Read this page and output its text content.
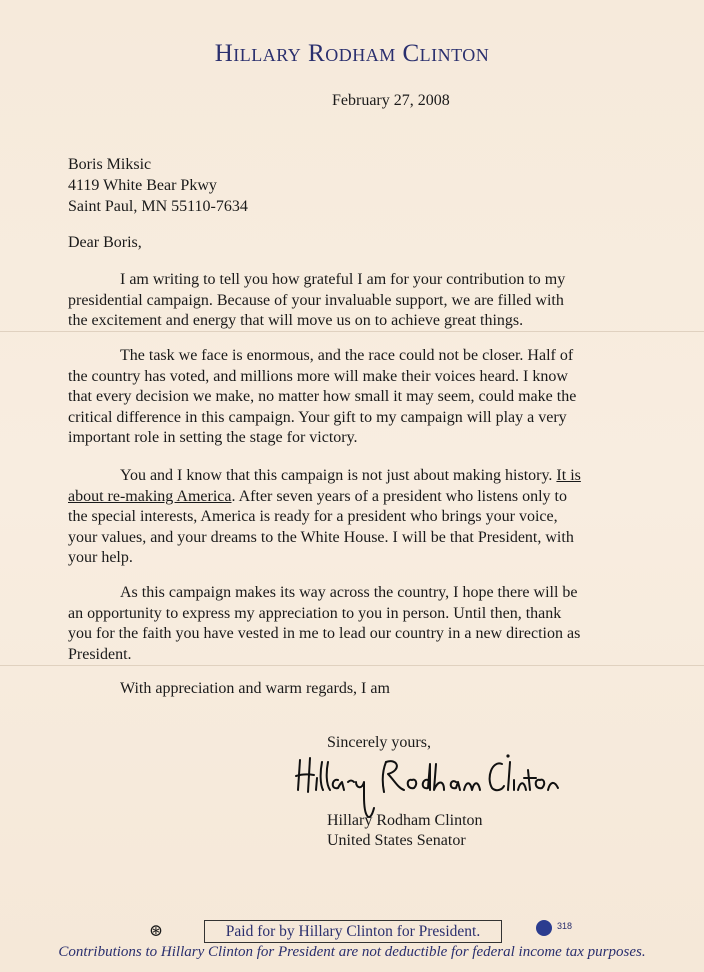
Hillary Rodham Clinton
February 27, 2008
Boris Miksic
4119 White Bear Pkwy
Saint Paul, MN 55110-7634
Dear Boris,
I am writing to tell you how grateful I am for your contribution to my
presidential campaign. Because of your invaluable support, we are filled with
the excitement and energy that will move us on to achieve great things.
The task we face is enormous, and the race could not be closer. Half of
the country has voted, and millions more will make their voices heard. I know
that every decision we make, no matter how small it may seem, could make the
critical difference in this campaign. Your gift to my campaign will play a very
important role in setting the stage for victory.
You and I know that this campaign is not just about making history. It is
about re-making America. After seven years of a president who listens only to
the special interests, America is ready for a president who brings your voice,
your values, and your dreams to the White House. I will be that President, with
your help.
As this campaign makes its way across the country, I hope there will be
an opportunity to express my appreciation to you in person. Until then, thank
you for the faith you have vested in me to lead our country in a new direction as
President.
With appreciation and warm regards, I am
Sincerely yours,
Hillary Rodham Clinton
United States Senator
⊛	Paid for by Hillary Clinton for President.	318
Contributions to Hillary Clinton for President are not deductible for federal income tax purposes.
